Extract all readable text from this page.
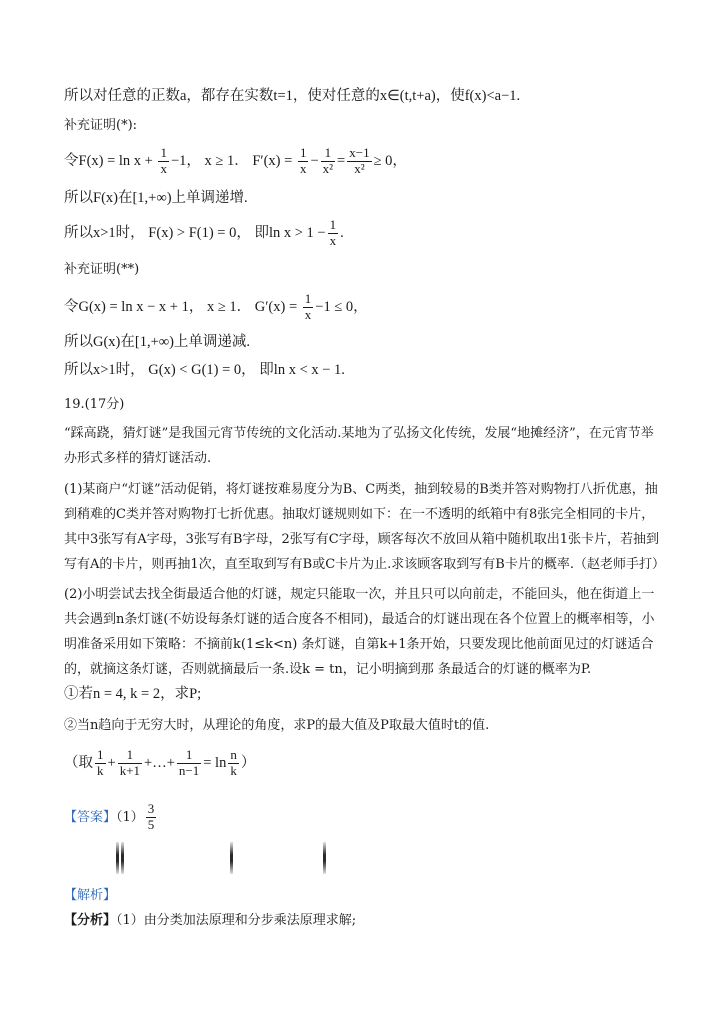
所以对任意的正数a，都存在实数t=1，使对任意的x∈(t,t+a)，使f(x)<a−1.
补充证明(*):
令$F(x) = \ln x + \frac{1}{x} -1$， x ≥ 1． $F'(x) = \frac{1}{x} - \frac{1}{\text{x²}} = \frac{x-1}{\text{x²}} \ge 0$，
所以F(x)在[1,+∞)上单调递增.
所以x>1时， F(x) > F(1) = 0， 即$\ln x > 1 - \frac{1}{x}$ .
补充证明(**)
令G(x) = ln x − x + 1， x ≥ 1． $G'(x) = \frac{1}{x} -1 \le 0$，
所以G(x)在[1,+∞)上单调递减.
所以x>1时， G(x) < G(1) = 0， 即ln x < x − 1.
19.(17分)
“踩高跷，猜灯谜”是我国元宵节传统的文化活动.某地为了弘扬文化传统，发展“地摊经济”，在元宵节举办形式多样的猜灯谜活动.
(1)某商户“灯谜”活动促销，将灯谜按难易度分为B、C两类，抽到较易的B类并答对购物打八折优惠，抽到稍难的C类并答对购物打七折优惠。抽取灯谜规则如下：在一不透明的纸箱中有8张完全相同的卡片，其中3张写有A字母，3张写有B字母，2张写有C字母，顾客每次不放回从箱中随机取出1张卡片，若抽到写有A的卡片，则再抽1次，直至取到写有B或C卡片为止.求该顾客取到写有B卡片的概率.（赵老师手打）
(2)小明尝试去找全街最适合他的灯谜，规定只能取一次，并且只可以向前走，不能回头，他在街道上一共会遇到n条灯谜(不妨设每条灯谜的适合度各不相同)，最适合的灯谜出现在各个位置上的概率相等，小明准备采用如下策略：不摘前k(1≤k<n) 条灯谜，自第k+1条开始，只要发现比他前面见过的灯谜适合的，就摘这条灯谜，否则就摘最后一条.设k = tn，记小明摘到那 条最适合的灯谜的概率为P.
①若n = 4, k = 2，求P;
②当n趋向于无穷大时，从理论的角度，求P的最大值及P取最大值时t的值.
（取 $\frac{1}{k} + \frac{1}{k+1}$ +…+ $\frac{1}{n-1} = \ln \frac{n}{k}$ ）
【答案】$(1) \frac{3}{5}$
【解析】
【分析】（1）由分类加法原理和分步乘法原理求解;
